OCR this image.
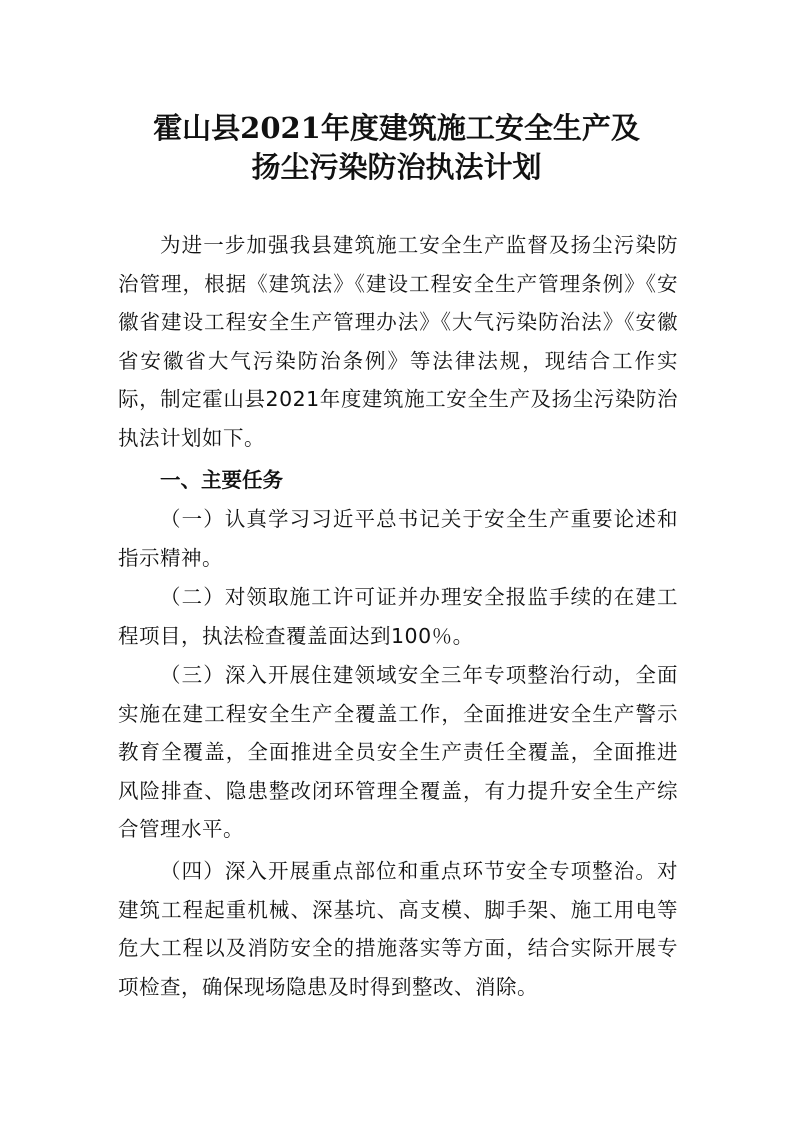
霍山县2021年度建筑施工安全生产及
扬尘污染防治执法计划

为进一步加强我县建筑施工安全生产监督及扬尘污染防治管理，根据《建筑法》《建设工程安全生产管理条例》《安徽省建设工程安全生产管理办法》《大气污染防治法》《安徽省安徽省大气污染防治条例》等法律法规，现结合工作实际，制定霍山县2021年度建筑施工安全生产及扬尘污染防治执法计划如下。

一、主要任务

（一）认真学习习近平总书记关于安全生产重要论述和指示精神。

（二）对领取施工许可证并办理安全报监手续的在建工程项目，执法检查覆盖面达到100％。

（三）深入开展住建领域安全三年专项整治行动，全面实施在建工程安全生产全覆盖工作，全面推进安全生产警示教育全覆盖，全面推进全员安全生产责任全覆盖，全面推进风险排查、隐患整改闭环管理全覆盖，有力提升安全生产综合管理水平。

（四）深入开展重点部位和重点环节安全专项整治。对建筑工程起重机械、深基坑、高支模、脚手架、施工用电等危大工程以及消防安全的措施落实等方面，结合实际开展专项检查，确保现场隐患及时得到整改、消除。
